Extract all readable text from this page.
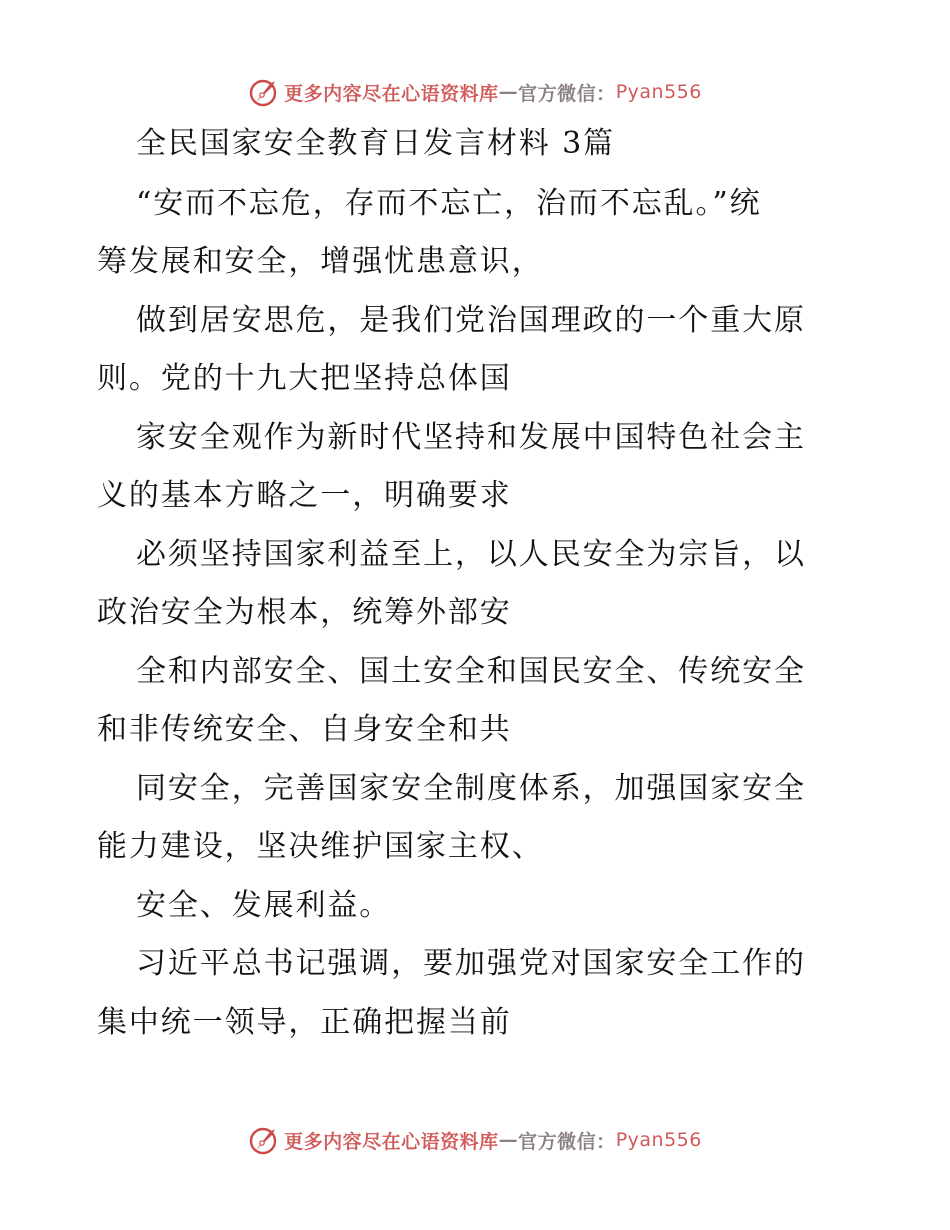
更多内容尽在心语资料库 — 官方微信： Pyan556
全民国家安全教育日发言材料 3篇
“安而不忘危，存而不忘亡，治而不忘乱。”统
筹发展和安全，增强忧患意识，
做到居安思危，是我们党治国理政的一个重大原
则。党的十九大把坚持总体国
家安全观作为新时代坚持和发展中国特色社会主
义的基本方略之一，明确要求
必须坚持国家利益至上，以人民安全为宗旨，以
政治安全为根本，统筹外部安
全和内部安全、国土安全和国民安全、传统安全
和非传统安全、自身安全和共
同安全，完善国家安全制度体系，加强国家安全
能力建设，坚决维护国家主权、
安全、发展利益。
习近平总书记强调，要加强党对国家安全工作的
集中统一领导，正确把握当前
更多内容尽在心语资料库 — 官方微信： Pyan556
